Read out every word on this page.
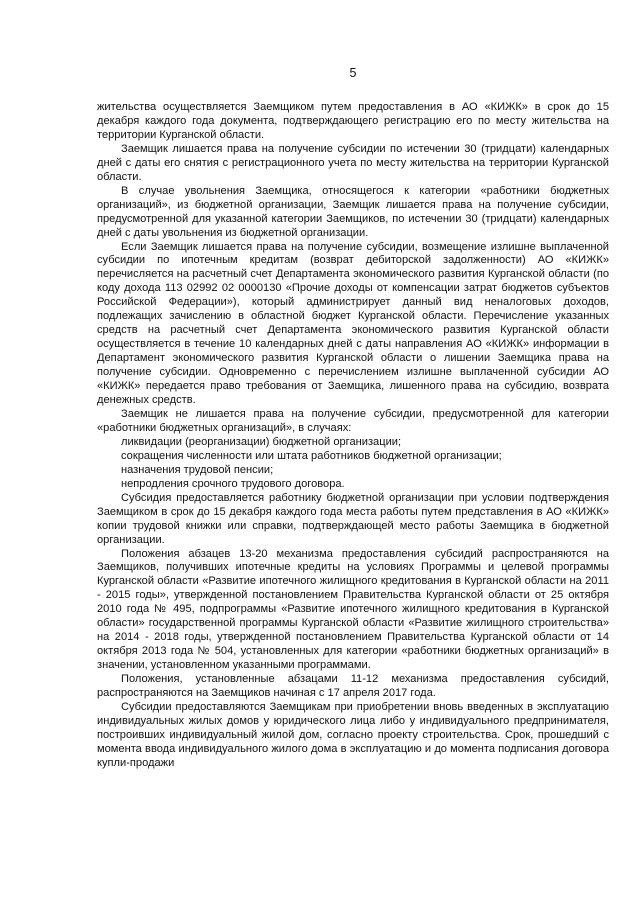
5

жительства осуществляется Заемщиком путем предоставления в АО «КИЖК» в срок до 15 декабря каждого года документа, подтверждающего регистрацию его по месту жительства на территории Курганской области.

Заемщик лишается права на получение субсидии по истечении 30 (тридцати) календарных дней с даты его снятия с регистрационного учета по месту жительства на территории Курганской области.

В случае увольнения Заемщика, относящегося к категории «работники бюджетных организаций», из бюджетной организации, Заемщик лишается права на получение субсидии, предусмотренной для указанной категории Заемщиков, по истечении 30 (тридцати) календарных дней с даты увольнения из бюджетной организации.

Если Заемщик лишается права на получение субсидии, возмещение излишне выплаченной субсидии по ипотечным кредитам (возврат дебиторской задолженности) АО «КИЖК» перечисляется на расчетный счет Департамента экономического развития Курганской области (по коду дохода 113 02992 02 0000130 «Прочие доходы от компенсации затрат бюджетов субъектов Российской Федерации»), который администрирует данный вид неналоговых доходов, подлежащих зачислению в областной бюджет Курганской области. Перечисление указанных средств на расчетный счет Департамента экономического развития Курганской области осуществляется в течение 10 календарных дней с даты направления АО «КИЖК» информации в Департамент экономического развития Курганской области о лишении Заемщика права на получение субсидии. Одновременно с перечислением излишне выплаченной субсидии АО «КИЖК» передается право требования от Заемщика, лишенного права на субсидию, возврата денежных средств.

Заемщик не лишается права на получение субсидии, предусмотренной для категории «работники бюджетных организаций», в случаях:

ликвидации (реорганизации) бюджетной организации;

сокращения численности или штата работников бюджетной организации;

назначения трудовой пенсии;

непродления срочного трудового договора.

Субсидия предоставляется работнику бюджетной организации при условии подтверждения Заемщиком в срок до 15 декабря каждого года места работы путем представления в АО «КИЖК» копии трудовой книжки или справки, подтверждающей место работы Заемщика в бюджетной организации.

Положения абзацев 13-20 механизма предоставления субсидий распространяются на Заемщиков, получивших ипотечные кредиты на условиях Программы и целевой программы Курганской области «Развитие ипотечного жилищного кредитования в Курганской области на 2011 - 2015 годы», утвержденной постановлением Правительства Курганской области от 25 октября 2010 года № 495, подпрограммы «Развитие ипотечного жилищного кредитования в Курганской области» государственной программы Курганской области «Развитие жилищного строительства» на 2014 - 2018 годы, утвержденной постановлением Правительства Курганской области от 14 октября 2013 года № 504, установленных для категории «работники бюджетных организаций» в значении, установленном указанными программами.

Положения, установленные абзацами 11-12 механизма предоставления субсидий, распространяются на Заемщиков начиная с 17 апреля 2017 года.

Субсидии предоставляются Заемщикам при приобретении вновь введенных в эксплуатацию индивидуальных жилых домов у юридического лица либо у индивидуального предпринимателя, построивших индивидуальный жилой дом, согласно проекту строительства. Срок, прошедший с момента ввода индивидуального жилого дома в эксплуатацию и до момента подписания договора купли-продажи
